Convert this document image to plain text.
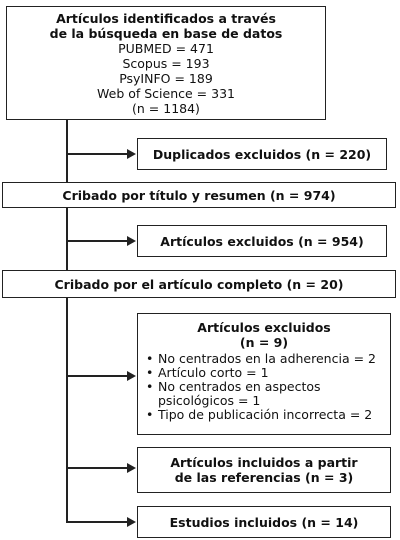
Artículos identificados a través
de la búsqueda en base de datos
PUBMED = 471
Scopus = 193
PsyINFO = 189
Web of Science = 331
(n = 1184)
Duplicados excluidos (n = 220)
Cribado por título y resumen (n = 974)
Artículos excluidos (n = 954)
Cribado por el artículo completo (n = 20)
Artículos excluidos
(n = 9)
• No centrados en la adherencia = 2
• Artículo corto = 1
• No centrados en aspectos psicológicos = 1
• Tipo de publicación incorrecta = 2
Artículos incluidos a partir
de las referencias (n = 3)
Estudios incluidos (n = 14)
